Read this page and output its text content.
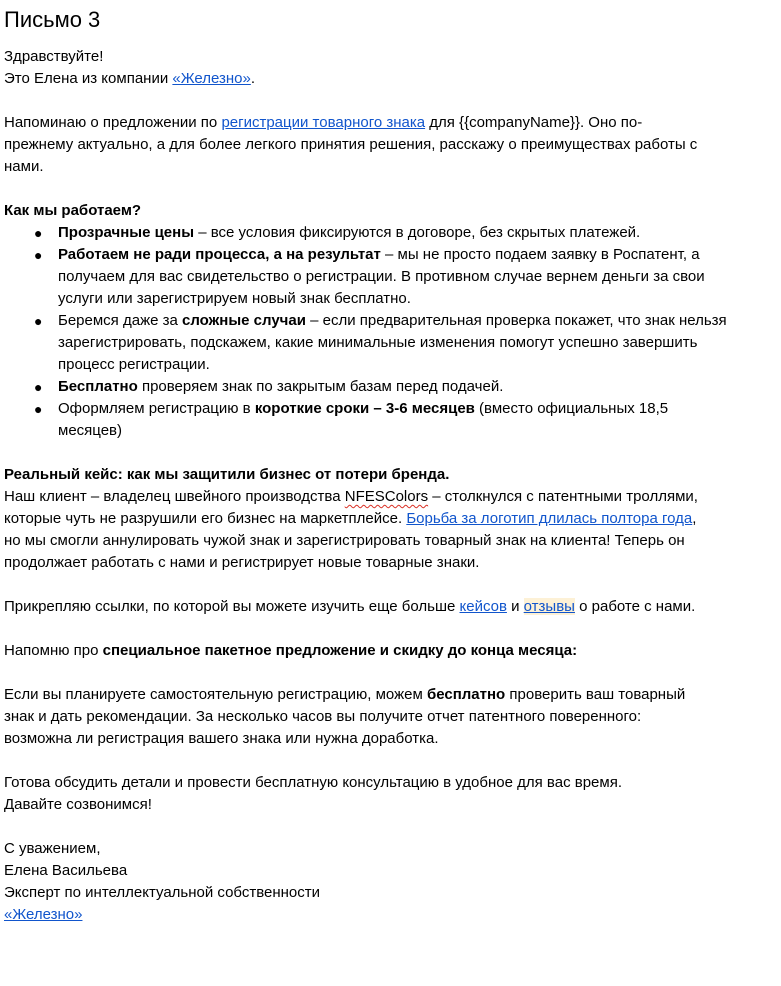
Письмо 3

Здравствуйте!

Это Елена из компании «Железно».

Напоминаю о предложении по регистрации товарного знака для {{companyName}}. Оно по-прежнему актуально, а для более легкого принятия решения, расскажу о преимуществах работы с нами.

Как мы работаем?

● Прозрачные цены – все условия фиксируются в договоре, без скрытых платежей.
● Работаем не ради процесса, а на результат – мы не просто подаем заявку в Роспатент, а получаем для вас свидетельство о регистрации. В противном случае вернем деньги за свои услуги или зарегистрируем новый знак бесплатно.
● Беремся даже за сложные случаи – если предварительная проверка покажет, что знак нельзя зарегистрировать, подскажем, какие минимальные изменения помогут успешно завершить процесс регистрации.
● Бесплатно проверяем знак по закрытым базам перед подачей.
● Оформляем регистрацию в короткие сроки – 3-6 месяцев (вместо официальных 18,5 месяцев)

Реальный кейс: как мы защитили бизнес от потери бренда.

Наш клиент – владелец швейного производства NFESColors – столкнулся с патентными троллями, которые чуть не разрушили его бизнес на маркетплейсе. Борьба за логотип длилась полтора года, но мы смогли аннулировать чужой знак и зарегистрировать товарный знак на клиента! Теперь он продолжает работать с нами и регистрирует новые товарные знаки.

Прикрепляю ссылки, по которой вы можете изучить еще больше кейсов и отзывы о работе с нами.

Напомню про специальное пакетное предложение и скидку до конца месяца:

Если вы планируете самостоятельную регистрацию, можем бесплатно проверить ваш товарный знак и дать рекомендации. За несколько часов вы получите отчет патентного поверенного: возможна ли регистрация вашего знака или нужна доработка.

Готова обсудить детали и провести бесплатную консультацию в удобное для вас время.

Давайте созвонимся!

С уважением,

Елена Васильева

Эксперт по интеллектуальной собственности

«Железно»
